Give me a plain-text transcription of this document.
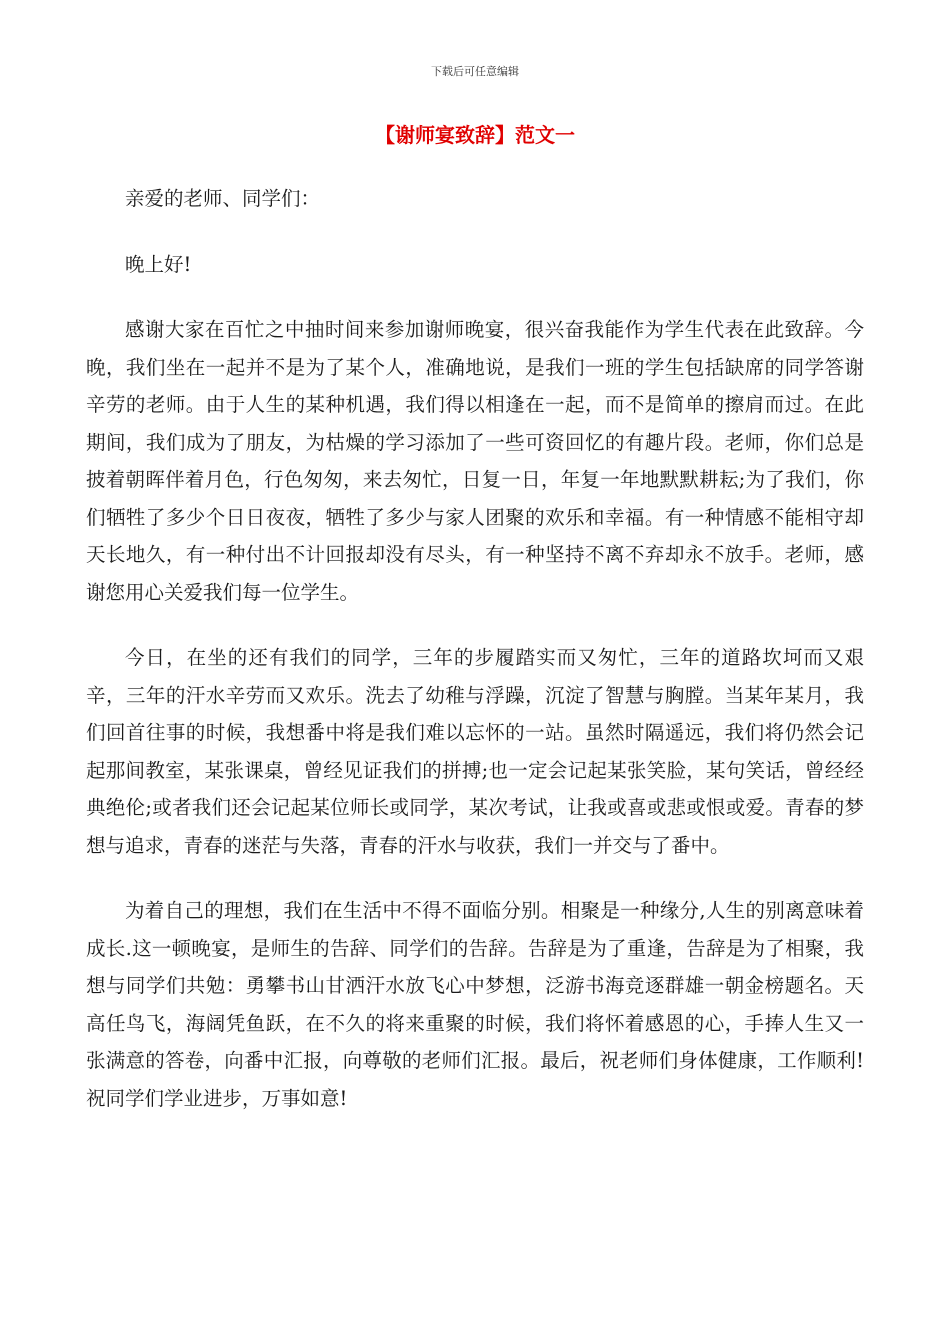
下载后可任意编辑
【谢师宴致辞】范文一
亲爱的老师、同学们：
晚上好!
感谢大家在百忙之中抽时间来参加谢师晚宴，很兴奋我能作为学生代表在此致辞。今晚，我们坐在一起并不是为了某个人，准确地说，是我们一班的学生包括缺席的同学答谢辛劳的老师。由于人生的某种机遇，我们得以相逢在一起，而不是简单的擦肩而过。在此期间，我们成为了朋友，为枯燥的学习添加了一些可资回忆的有趣片段。老师，你们总是披着朝晖伴着月色，行色匆匆，来去匆忙，日复一日，年复一年地默默耕耘;为了我们，你们牺牲了多少个日日夜夜，牺牲了多少与家人团聚的欢乐和幸福。有一种情感不能相守却天长地久，有一种付出不计回报却没有尽头，有一种坚持不离不弃却永不放手。老师，感谢您用心关爱我们每一位学生。
今日，在坐的还有我们的同学，三年的步履踏实而又匆忙，三年的道路坎坷而又艰辛，三年的汗水辛劳而又欢乐。洗去了幼稚与浮躁，沉淀了智慧与胸膛。当某年某月，我们回首往事的时候，我想番中将是我们难以忘怀的一站。虽然时隔遥远，我们将仍然会记起那间教室，某张课桌，曾经见证我们的拼搏;也一定会记起某张笑脸，某句笑话，曾经经典绝伦;或者我们还会记起某位师长或同学，某次考试，让我或喜或悲或恨或爱。青春的梦想与追求，青春的迷茫与失落，青春的汗水与收获，我们一并交与了番中。
为着自己的理想，我们在生活中不得不面临分别。相聚是一种缘分,人生的别离意味着成长.这一顿晚宴，是师生的告辞、同学们的告辞。告辞是为了重逢，告辞是为了相聚，我想与同学们共勉：勇攀书山甘洒汗水放飞心中梦想，泛游书海竞逐群雄一朝金榜题名。天高任鸟飞，海阔凭鱼跃，在不久的将来重聚的时候，我们将怀着感恩的心，手捧人生又一张满意的答卷，向番中汇报，向尊敬的老师们汇报。最后，祝老师们身体健康，工作顺利!祝同学们学业进步，万事如意!
